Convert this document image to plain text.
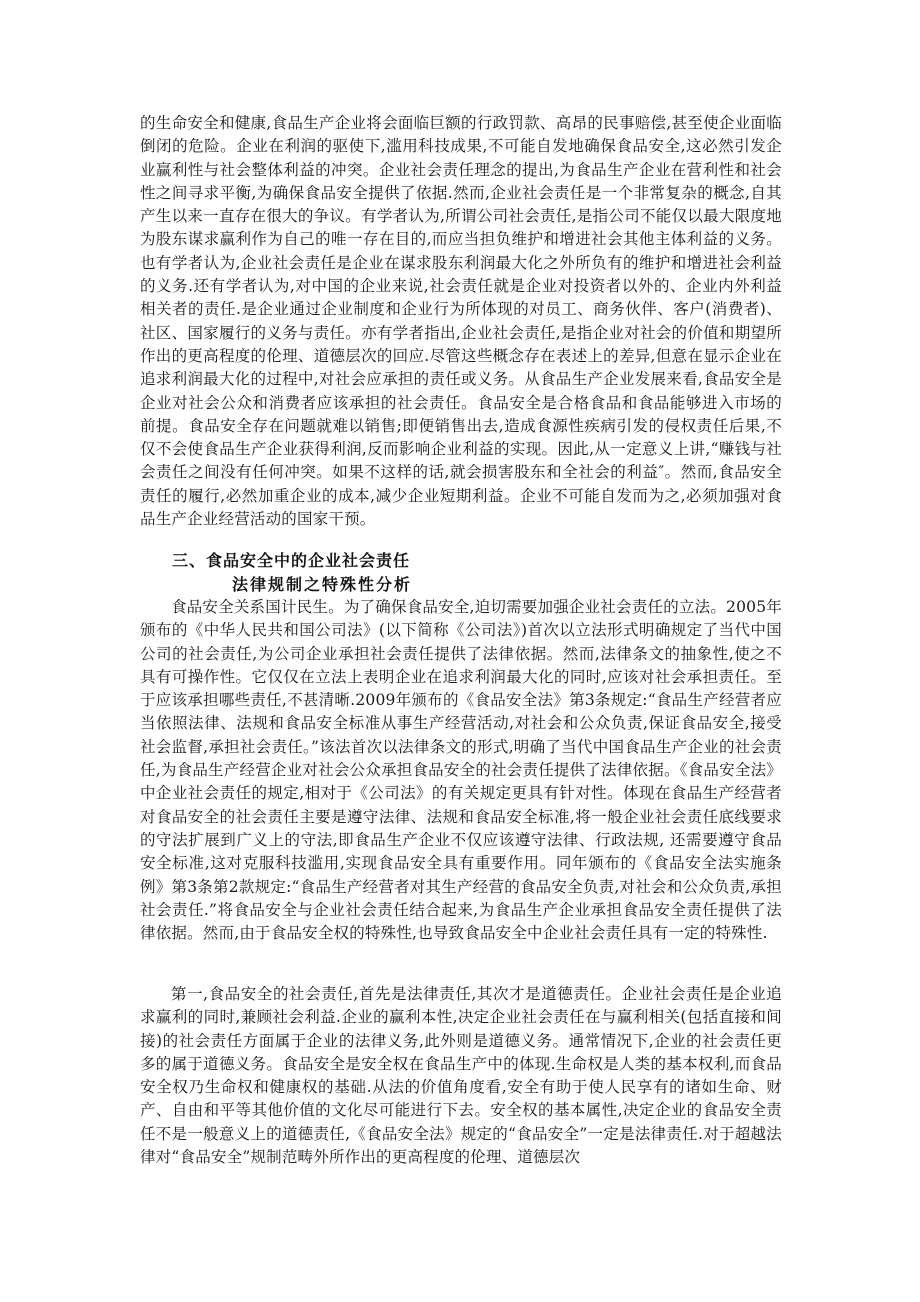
的生命安全和健康,食品生产企业将会面临巨额的行政罚款、高昂的民事赔偿,甚至使企业面临倒闭的危险。企业在利润的驱使下,滥用科技成果,不可能自发地确保食品安全,这必然引发企业赢利性与社会整体利益的冲突。企业社会责任理念的提出,为食品生产企业在营利性和社会性之间寻求平衡,为确保食品安全提供了依据.然而,企业社会责任是一个非常复杂的概念,自其产生以来一直存在很大的争议。有学者认为,所谓公司社会责任,是指公司不能仅以最大限度地为股东谋求赢利作为自己的唯一存在目的,而应当担负维护和增进社会其他主体利益的义务。也有学者认为,企业社会责任是企业在谋求股东利润最大化之外所负有的维护和增进社会利益的义务.还有学者认为,对中国的企业来说,社会责任就是企业对投资者以外的、企业内外利益相关者的责任.是企业通过企业制度和企业行为所体现的对员工、商务伙伴、客户(消费者)、社区、国家履行的义务与责任。亦有学者指出,企业社会责任,是指企业对社会的价值和期望所作出的更高程度的伦理、道德层次的回应.尽管这些概念存在表述上的差异,但意在显示企业在追求利润最大化的过程中,对社会应承担的责任或义务。从食品生产企业发展来看,食品安全是企业对社会公众和消费者应该承担的社会责任。食品安全是合格食品和食品能够进入市场的前提。食品安全存在问题就难以销售;即便销售出去,造成食源性疾病引发的侵权责任后果,不仅不会使食品生产企业获得利润,反而影响企业利益的实现。因此,从一定意义上讲,“赚钱与社会责任之间没有任何冲突。如果不这样的话,就会损害股东和全社会的利益″。然而,食品安全责任的履行,必然加重企业的成本,减少企业短期利益。企业不可能自发而为之,必须加强对食品生产企业经营活动的国家干预。
三、食品安全中的企业社会责任
法律规制之特殊性分析
食品安全关系国计民生。为了确保食品安全,迫切需要加强企业社会责任的立法。2005年颁布的《中华人民共和国公司法》(以下简称《公司法》)首次以立法形式明确规定了当代中国公司的社会责任,为公司企业承担社会责任提供了法律依据。然而,法律条文的抽象性,使之不具有可操作性。它仅仅在立法上表明企业在追求利润最大化的同时,应该对社会承担责任。至于应该承担哪些责任,不甚清晰.2009年颁布的《食品安全法》第3条规定:“食品生产经营者应当依照法律、法规和食品安全标准从事生产经营活动,对社会和公众负责,保证食品安全,接受社会监督,承担社会责任。”该法首次以法律条文的形式,明确了当代中国食品生产企业的社会责任,为食品生产经营企业对社会公众承担食品安全的社会责任提供了法律依据。《食品安全法》中企业社会责任的规定,相对于《公司法》的有关规定更具有针对性。体现在食品生产经营者对食品安全的社会责任主要是遵守法律、法规和食品安全标准,将一般企业社会责任底线要求的守法扩展到广义上的守法,即食品生产企业不仅应该遵守法律、行政法规, 还需要遵守食品安全标准,这对克服科技滥用,实现食品安全具有重要作用。同年颁布的《食品安全法实施条例》第3条第2款规定:“食品生产经营者对其生产经营的食品安全负责,对社会和公众负责,承担社会责任.”将食品安全与企业社会责任结合起来,为食品生产企业承担食品安全责任提供了法律依据。然而,由于食品安全权的特殊性,也导致食品安全中企业社会责任具有一定的特殊性.
第一,食品安全的社会责任,首先是法律责任,其次才是道德责任。企业社会责任是企业追求赢利的同时,兼顾社会利益.企业的赢利本性,决定企业社会责任在与赢利相关(包括直接和间接)的社会责任方面属于企业的法律义务,此外则是道德义务。通常情况下,企业的社会责任更多的属于道德义务。食品安全是安全权在食品生产中的体现.生命权是人类的基本权利,而食品安全权乃生命权和健康权的基础.从法的价值角度看,安全有助于使人民享有的诸如生命、财产、自由和平等其他价值的文化尽可能进行下去。安全权的基本属性,决定企业的食品安全责任不是一般意义上的道德责任,《食品安全法》规定的“食品安全”一定是法律责任.对于超越法律对“食品安全”规制范畴外所作出的更高程度的伦理、道德层次
